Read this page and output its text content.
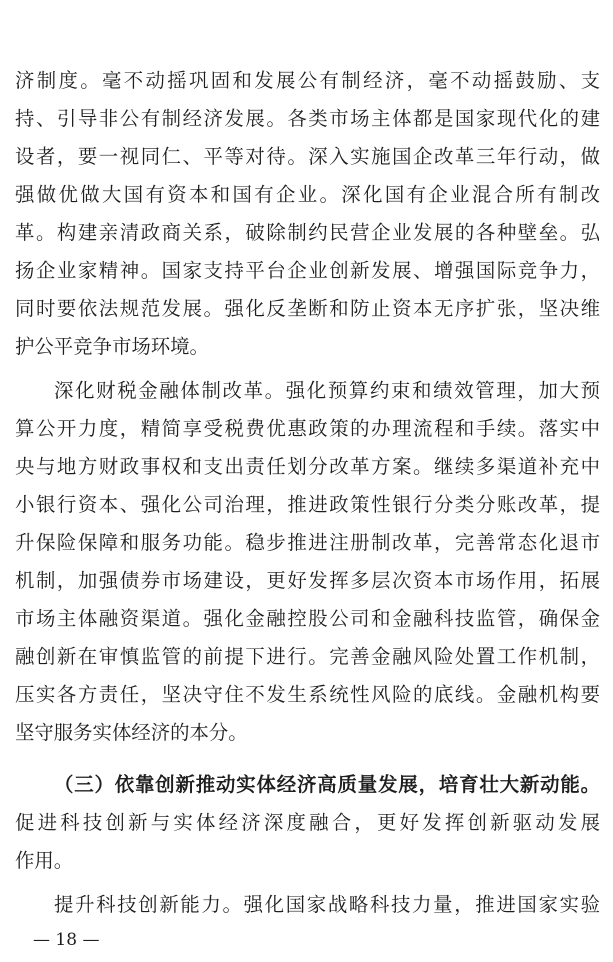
济制度。毫不动摇巩固和发展公有制经济，毫不动摇鼓励、支
持、引导非公有制经济发展。各类市场主体都是国家现代化的建
设者，要一视同仁、平等对待。深入实施国企改革三年行动，做
强做优做大国有资本和国有企业。深化国有企业混合所有制改
革。构建亲清政商关系，破除制约民营企业发展的各种壁垒。弘
扬企业家精神。国家支持平台企业创新发展、增强国际竞争力，
同时要依法规范发展。强化反垄断和防止资本无序扩张，坚决维
护公平竞争市场环境。
深化财税金融体制改革。强化预算约束和绩效管理，加大预
算公开力度，精简享受税费优惠政策的办理流程和手续。落实中
央与地方财政事权和支出责任划分改革方案。继续多渠道补充中
小银行资本、强化公司治理，推进政策性银行分类分账改革，提
升保险保障和服务功能。稳步推进注册制改革，完善常态化退市
机制，加强债券市场建设，更好发挥多层次资本市场作用，拓展
市场主体融资渠道。强化金融控股公司和金融科技监管，确保金
融创新在审慎监管的前提下进行。完善金融风险处置工作机制，
压实各方责任，坚决守住不发生系统性风险的底线。金融机构要
坚守服务实体经济的本分。
（三）依靠创新推动实体经济高质量发展，培育壮大新动能。
促进科技创新与实体经济深度融合，更好发挥创新驱动发展
作用。
提升科技创新能力。强化国家战略科技力量，推进国家实验
— 18 —
